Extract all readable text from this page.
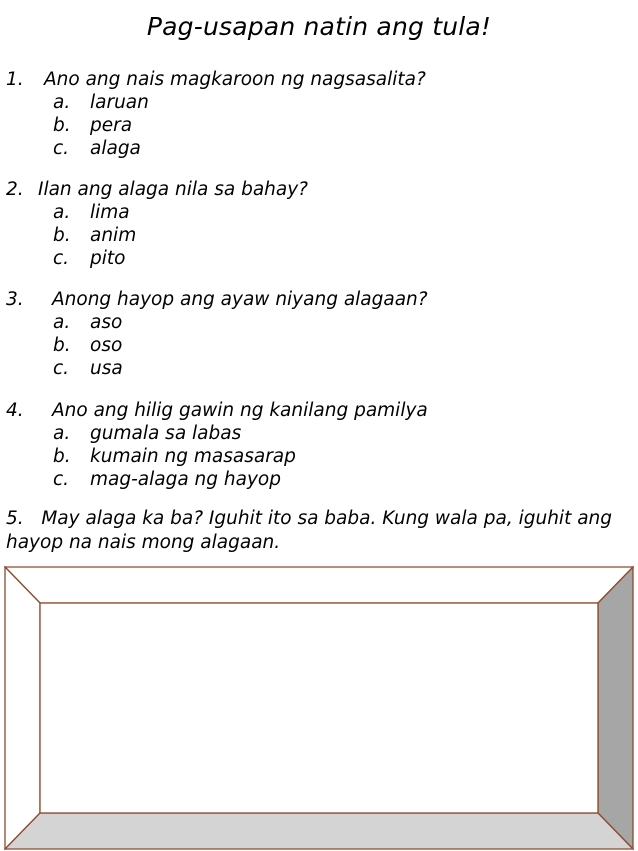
Pag-usapan natin ang tula!
1.	Ano ang nais magkaroon ng nagsasalita?
a.	laruan
b.	pera
c.	alaga
2. Ilan ang alaga nila sa bahay?
a.	lima
b.	anim
c.	pito
3.	Anong hayop ang ayaw niyang alagaan?
a.	aso
b.	oso
c.	usa
4.	Ano ang hilig gawin ng kanilang pamilya
a.	gumala sa labas
b.	kumain ng masasarap
c.	mag-alaga ng hayop
5. May alaga ka ba? Iguhit ito sa baba. Kung wala pa, iguhit ang hayop na nais mong alagaan.
